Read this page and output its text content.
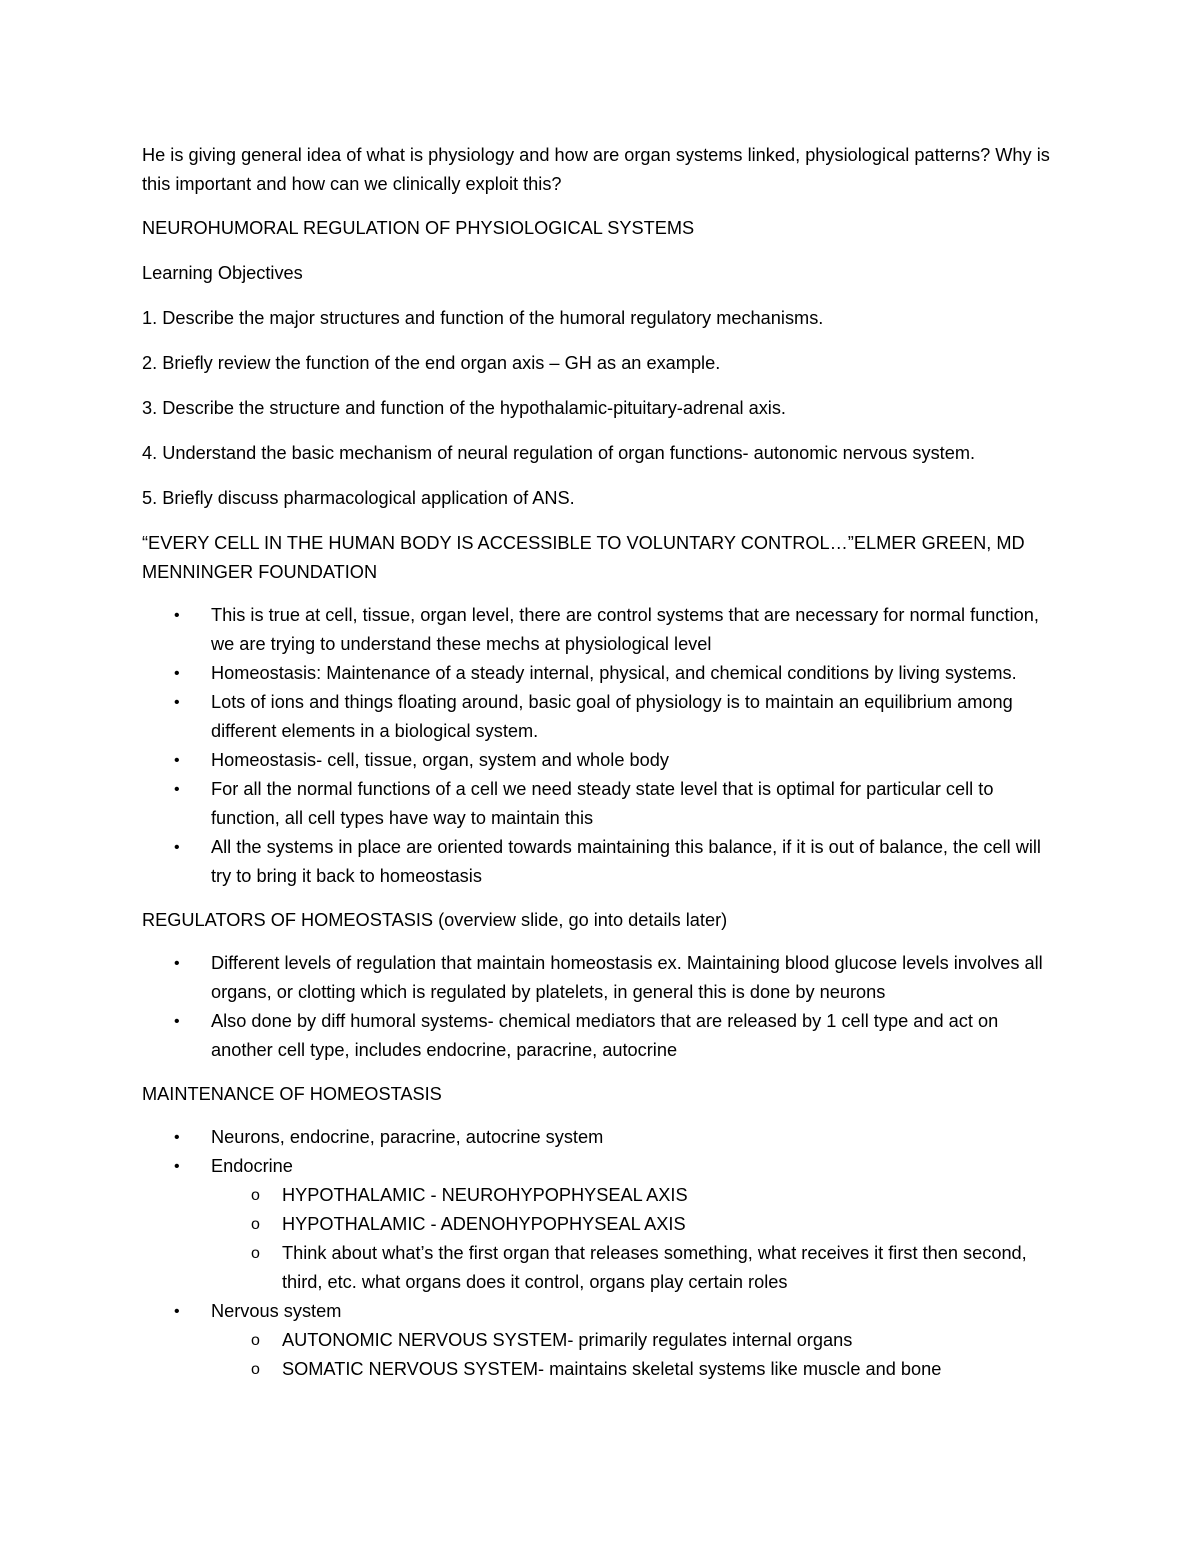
He is giving general idea of what is physiology and how are organ systems linked, physiological patterns? Why is this important and how can we clinically exploit this?

NEUROHUMORAL REGULATION OF PHYSIOLOGICAL SYSTEMS

Learning Objectives

1. Describe the major structures and function of the humoral regulatory mechanisms.

2. Briefly review the function of the end organ axis – GH as an example.

3. Describe the structure and function of the hypothalamic-pituitary-adrenal axis.

4. Understand the basic mechanism of neural regulation of organ functions- autonomic nervous system.

5. Briefly discuss pharmacological application of ANS.

“EVERY CELL IN THE HUMAN BODY IS ACCESSIBLE TO VOLUNTARY CONTROL…”ELMER GREEN, MD MENNINGER FOUNDATION

• This is true at cell, tissue, organ level, there are control systems that are necessary for normal function, we are trying to understand these mechs at physiological level
• Homeostasis: Maintenance of a steady internal, physical, and chemical conditions by living systems.
• Lots of ions and things floating around, basic goal of physiology is to maintain an equilibrium among different elements in a biological system.
• Homeostasis- cell, tissue, organ, system and whole body
• For all the normal functions of a cell we need steady state level that is optimal for particular cell to function, all cell types have way to maintain this
• All the systems in place are oriented towards maintaining this balance, if it is out of balance, the cell will try to bring it back to homeostasis

REGULATORS OF HOMEOSTASIS (overview slide, go into details later)

• Different levels of regulation that maintain homeostasis ex. Maintaining blood glucose levels involves all organs, or clotting which is regulated by platelets, in general this is done by neurons
• Also done by diff humoral systems- chemical mediators that are released by 1 cell type and act on another cell type, includes endocrine, paracrine, autocrine

MAINTENANCE OF HOMEOSTASIS

• Neurons, endocrine, paracrine, autocrine system
• Endocrine
o HYPOTHALAMIC - NEUROHYPOPHYSEAL AXIS
o HYPOTHALAMIC - ADENOHYPOPHYSEAL AXIS
o Think about what’s the first organ that releases something, what receives it first then second, third, etc. what organs does it control, organs play certain roles
• Nervous system
o AUTONOMIC NERVOUS SYSTEM- primarily regulates internal organs
o SOMATIC NERVOUS SYSTEM- maintains skeletal systems like muscle and bone
